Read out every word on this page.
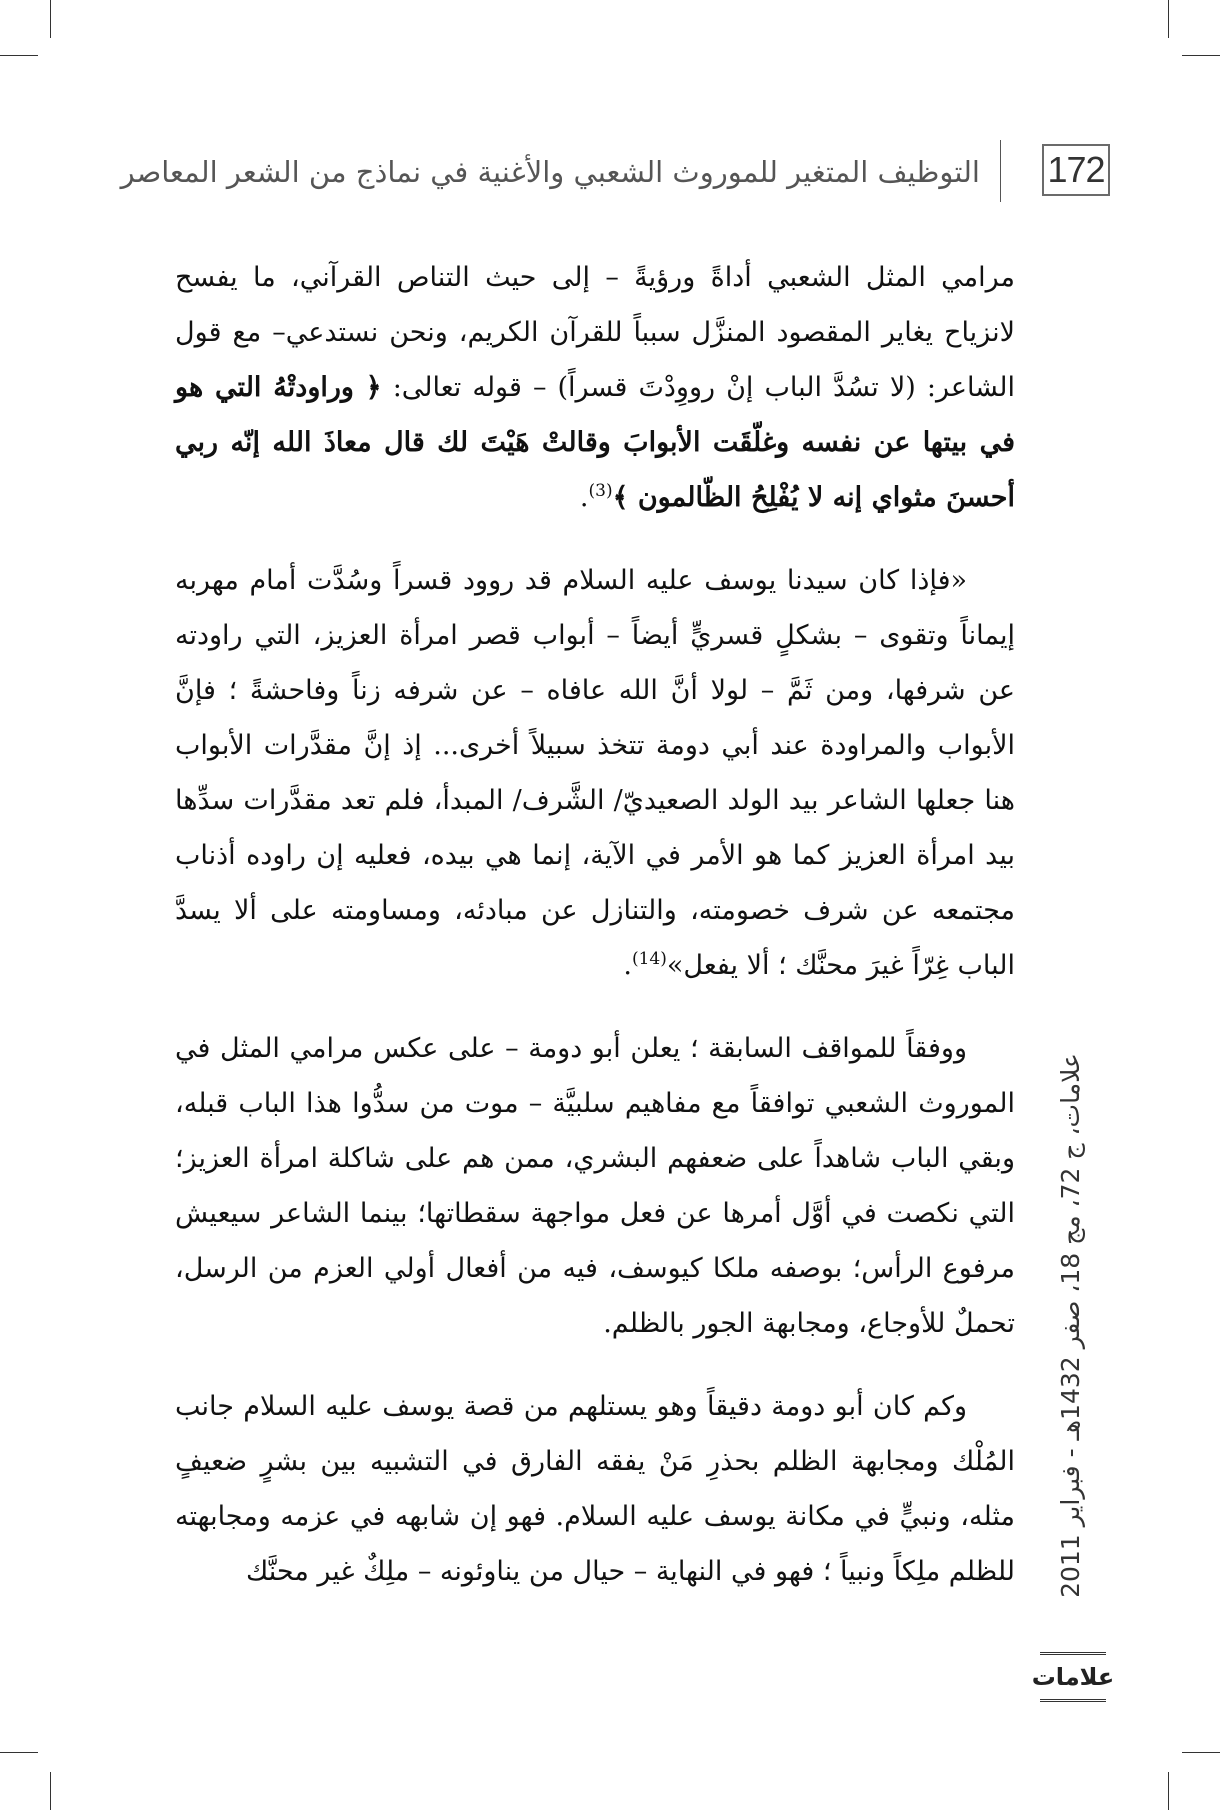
172
التوظيف المتغير للموروث الشعبي والأغنية في نماذج من الشعر المعاصر

مرامي المثل الشعبي أداةً ورؤيةً – إلى حيث التناص القرآني، ما يفسح لانزياح يغاير المقصود المنزَّل سبباً للقرآن الكريم، ونحن نستدعي– مع قول الشاعر: (لا تسُدَّ الباب إنْ رووِدْتَ قسراً) – قوله تعالى: ﴿ وراودتْهُ التي هو في بيتها عن نفسه وغلّقَت الأبوابَ وقالتْ هَيْتَ لك قال معاذَ الله إنّه ربي أحسنَ مثواي إنه لا يُفْلِحُ الظّالمون ﴾$^{(3)}$.

«فإذا كان سيدنا يوسف عليه السلام قد روود قسراً وسُدَّت أمام مهربه إيماناً وتقوى – بشكلٍ قسريٍّ أيضاً – أبواب قصر امرأة العزيز، التي راودته عن شرفها، ومن ثَمَّ – لولا أنَّ الله عافاه – عن شرفه زناً وفاحشةً ؛ فإنَّ الأبواب والمراودة عند أبي دومة تتخذ سبيلاً أخرى... إذ إنَّ مقدَّرات الأبواب هنا جعلها الشاعر بيد الولد الصعيديّ/ الشَّرف/ المبدأ، فلم تعد مقدَّرات سدِّها بيد امرأة العزيز كما هو الأمر في الآية، إنما هي بيده، فعليه إن راوده أذناب مجتمعه عن شرف خصومته، والتنازل عن مبادئه، ومساومته على ألا يسدَّ الباب غِرّاً غيرَ محنَّك ؛ ألا يفعل»$^{(14)}$.

ووفقاً للمواقف السابقة ؛ يعلن أبو دومة – على عكس مرامي المثل في الموروث الشعبي توافقاً مع مفاهيم سلبيَّة – موت من سدُّوا هذا الباب قبله، وبقي الباب شاهداً على ضعفهم البشري، ممن هم على شاكلة امرأة العزيز؛ التي نكصت في أوَّل أمرها عن فعل مواجهة سقطاتها؛ بينما الشاعر سيعيش مرفوع الرأس؛ بوصفه ملكا كيوسف، فيه من أفعال أولي العزم من الرسل، تحملٌ للأوجاع، ومجابهة الجور بالظلم.

وكم كان أبو دومة دقيقاً وهو يستلهم من قصة يوسف عليه السلام جانب المُلْك ومجابهة الظلم بحذرِ مَنْ يفقه الفارق في التشبيه بين بشرٍ ضعيفٍ مثله، ونبيٍّ في مكانة يوسف عليه السلام. فهو إن شابهه في عزمه ومجابهته للظلم ملِكاً ونبياً ؛ فهو في النهاية – حيال من يناوئونه – ملِكٌ غير محنَّك علامات، ج 72، مج 18، صفر 1432هـ - فبراير 2011
علامات
